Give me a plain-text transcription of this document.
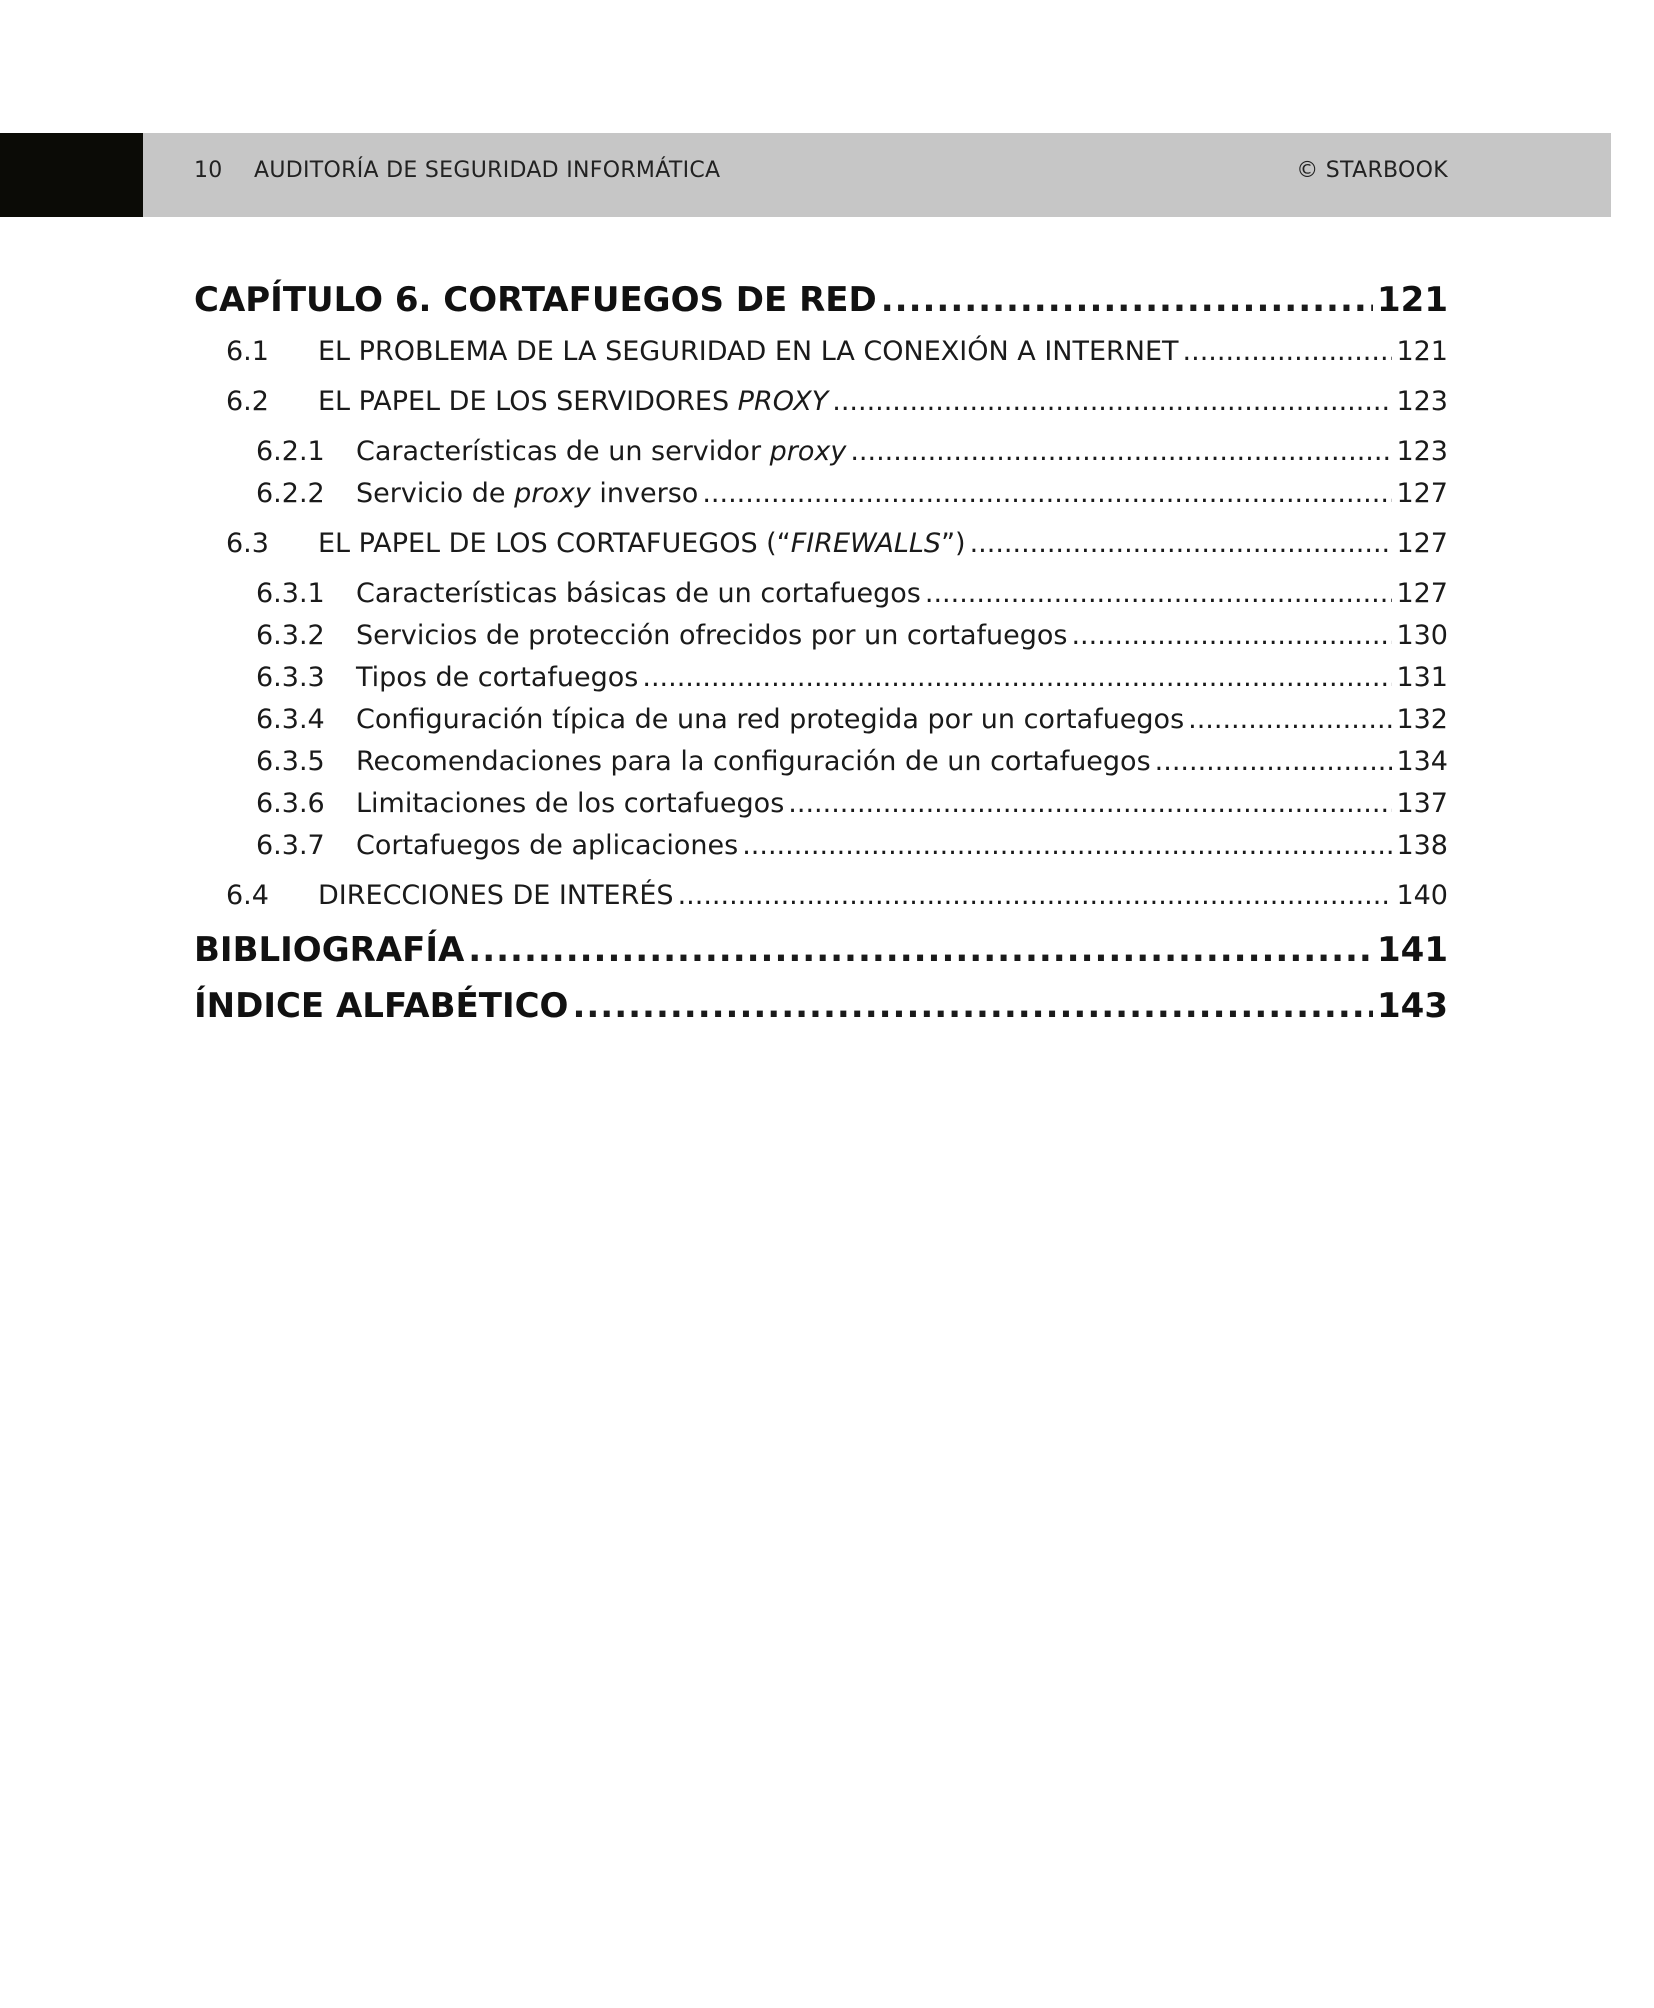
10 AUDITORÍA DE SEGURIDAD INFORMÁTICA	© STARBOOK
CAPÍTULO 6. CORTAFUEGOS DE RED .....	121
6.1	EL PROBLEMA DE LA SEGURIDAD EN LA CONEXIÓN A INTERNET .....	121
6.2	EL PAPEL DE LOS SERVIDORES PROXY .....	123
6.2.1	Características de un servidor proxy .....	123
6.2.2	Servicio de proxy inverso .....	127
6.3	EL PAPEL DE LOS CORTAFUEGOS (“FIREWALLS”) .....	127
6.3.1	Características básicas de un cortafuegos .....	127
6.3.2	Servicios de protección ofrecidos por un cortafuegos .....	130
6.3.3	Tipos de cortafuegos .....	131
6.3.4	Configuración típica de una red protegida por un cortafuegos .....	132
6.3.5	Recomendaciones para la configuración de un cortafuegos .....	134
6.3.6	Limitaciones de los cortafuegos .....	137
6.3.7	Cortafuegos de aplicaciones .....	138
6.4	DIRECCIONES DE INTERÉS .....	140
BIBLIOGRAFÍA .....	141
ÍNDICE ALFABÉTICO .....	143
